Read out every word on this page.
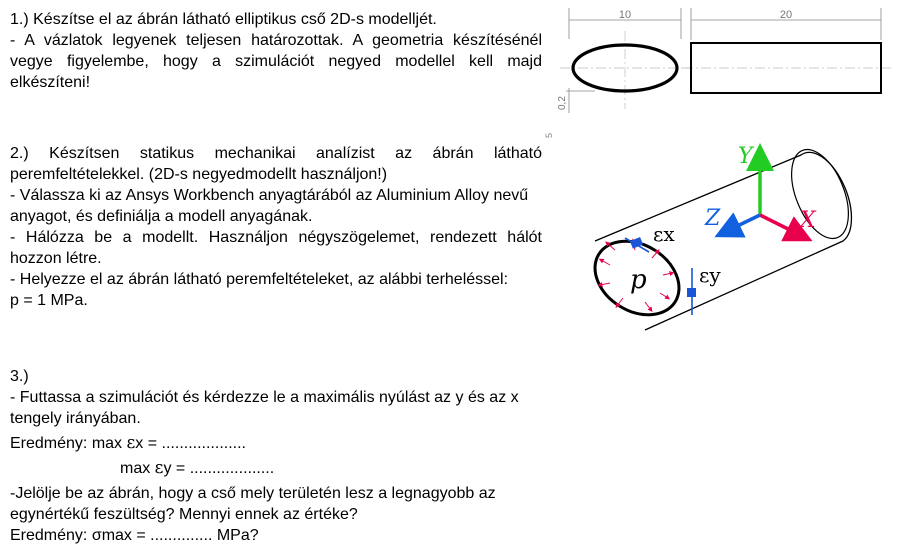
1.) Készítse el az ábrán látható elliptikus cső 2D-s modelljét.

- A vázlatok legyenek teljesen határozottak. A geometria készítésénél vegye figyelembe, hogy a szimulációt negyed modellel kell majd elkészíteni!

2.) Készítsen statikus mechanikai analízist az ábrán látható peremfeltételekkel. (2D-s negyedmodellt használjon!)

- Válassza ki az Ansys Workbench anyagtárából az Aluminium Alloy nevű anyagot, és definiálja a modell anyagának.

- Hálózza be a modellt. Használjon négyszögelemet, rendezett hálót hozzon létre.

- Helyezze el az ábrán látható peremfeltételeket, az alábbi terheléssel:

p = 1 MPa.

3.)

- Futtassa a szimulációt és kérdezze le a maximális nyúlást az y és az x tengely irányában.

Eredmény: max εx = ...................

max εy = ...................

-Jelölje be az ábrán, hogy a cső mely területén lesz a legnagyobb az egynértékű feszültség? Mennyi ennek az értéke?

Eredmény: σmax = .............. MPa?

10
0,2
20
5
p
εx
εy
Y
X
Z
